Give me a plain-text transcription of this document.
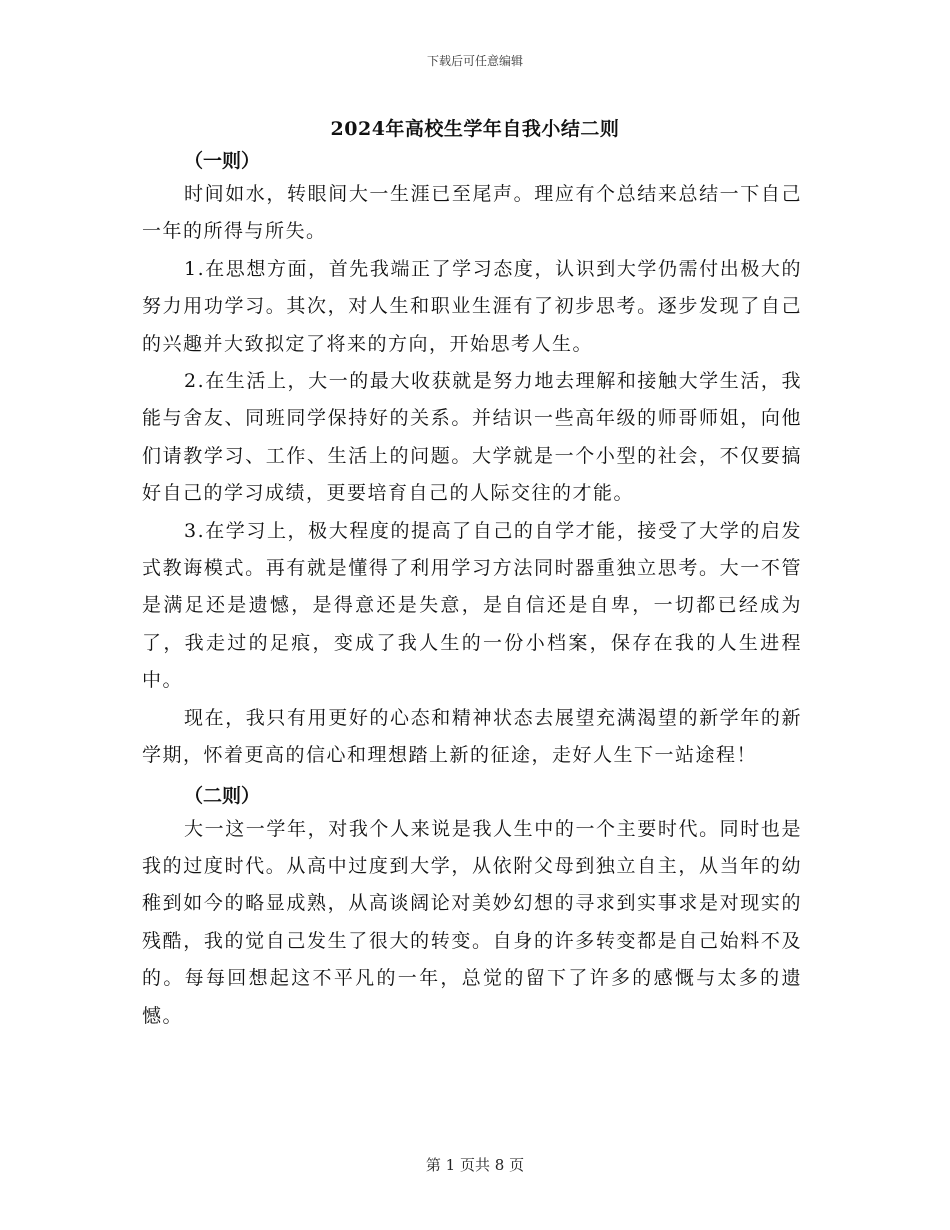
下载后可任意编辑
2024年高校生学年自我小结二则

（一则）

时间如水，转眼间大一生涯已至尾声。理应有个总结来总结一下自己一年的所得与所失。

1.在思想方面，首先我端正了学习态度，认识到大学仍需付出极大的努力用功学习。其次，对人生和职业生涯有了初步思考。逐步发现了自己的兴趣并大致拟定了将来的方向，开始思考人生。

2.在生活上，大一的最大收获就是努力地去理解和接触大学生活，我能与舍友、同班同学保持好的关系。并结识一些高年级的师哥师姐，向他们请教学习、工作、生活上的问题。大学就是一个小型的社会，不仅要搞好自己的学习成绩，更要培育自己的人际交往的才能。

3.在学习上，极大程度的提高了自己的自学才能，接受了大学的启发式教诲模式。再有就是懂得了利用学习方法同时器重独立思考。大一不管是满足还是遗憾，是得意还是失意，是自信还是自卑，一切都已经成为了，我走过的足痕，变成了我人生的一份小档案，保存在我的人生进程中。

现在，我只有用更好的心态和精神状态去展望充满渴望的新学年的新学期，怀着更高的信心和理想踏上新的征途，走好人生下一站途程！

（二则）

大一这一学年，对我个人来说是我人生中的一个主要时代。同时也是我的过度时代。从高中过度到大学，从依附父母到独立自主，从当年的幼稚到如今的略显成熟，从高谈阔论对美妙幻想的寻求到实事求是对现实的残酷，我的觉自己发生了很大的转变。自身的许多转变都是自己始料不及的。每每回想起这不平凡的一年，总觉的留下了许多的感慨与太多的遗憾。

第 1 页共 8 页
